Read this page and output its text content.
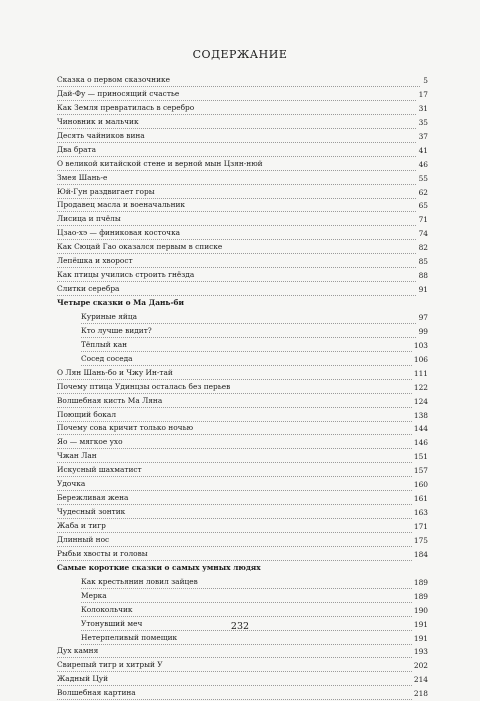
СОДЕРЖАНИЕ
Сказка о первом сказочнике	5
Дай-Фу — приносящий счастье	17
Как Земля превратилась в серебро	31
Чиновник и мальчик	35
Десять чайников вина	37
Два брата	41
О великой китайской стене и верной мын Цзян-нюй	46
Змея Шань-е	55
Юй-Гун раздвигает горы	62
Продавец масла и военачальник	65
Лисица и пчёлы	71
Цзао-хэ — финиковая косточка	74
Как Сюцай Гао оказался первым в списке	82
Лепёшка и хворост	85
Как птицы учились строить гнёзда	88
Слитки серебра	91
Четыре сказки о Ма Дань-би
Куриные яйца	97
Кто лучше видит?	99
Тёплый кан	103
Сосед соседа	106
О Лян Шань-бо и Чжу Ин-тай	111
Почему птица Удинцзы осталась без перьев	122
Волшебная кисть Ма Ляна	124
Поющий бокал	138
Почему сова кричит только ночью	144
Яо — мягкое ухо	146
Чжан Лан	151
Искусный шахматист	157
Удочка	160
Бережливая жена	161
Чудесный зонтик	163
Жаба и тигр	171
Длинный нос	175
Рыбьи хвосты и головы	184
Самые короткие сказки о самых умных людях
Как крестьянин ловил зайцев	189
Мерка	189
Колокольчик	190
Утонувший меч	191
Нетерпеливый помещик	191
Дух камня	193
Свирепый тигр и хитрый У	202
Жадный Цуй	214
Волшебная картина	218
232
